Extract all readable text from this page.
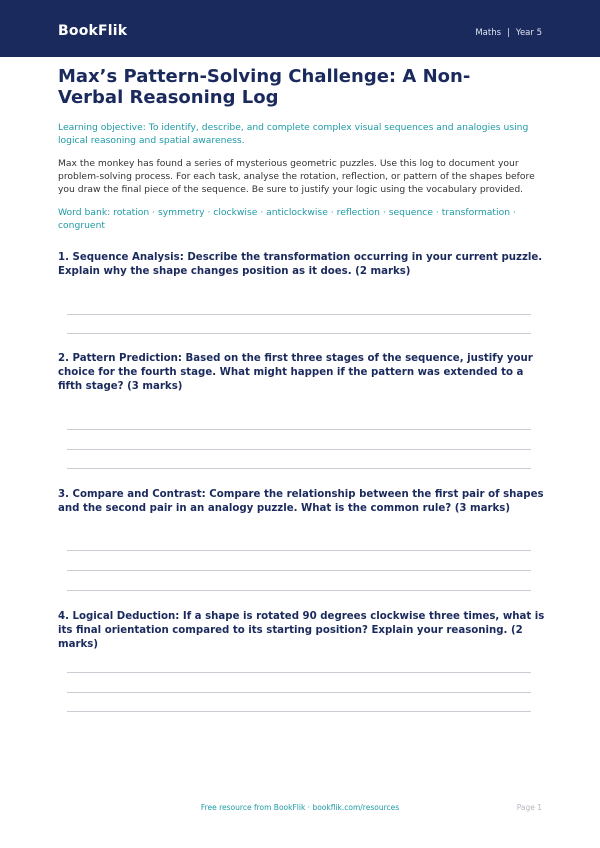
BookFlik	Maths | Year 5
Max’s Pattern-Solving Challenge: A Non-Verbal Reasoning Log

Learning objective: To identify, describe, and complete complex visual sequences and analogies using logical reasoning and spatial awareness.

Max the monkey has found a series of mysterious geometric puzzles. Use this log to document your problem-solving process. For each task, analyse the rotation, reflection, or pattern of the shapes before you draw the final piece of the sequence. Be sure to justify your logic using the vocabulary provided.

Word bank: rotation · symmetry · clockwise · anticlockwise · reflection · sequence · transformation · congruent

1. Sequence Analysis: Describe the transformation occurring in your current puzzle. Explain why the shape changes position as it does. (2 marks)

2. Pattern Prediction: Based on the first three stages of the sequence, justify your choice for the fourth stage. What might happen if the pattern was extended to a fifth stage? (3 marks)

3. Compare and Contrast: Compare the relationship between the first pair of shapes and the second pair in an analogy puzzle. What is the common rule? (3 marks)

4. Logical Deduction: If a shape is rotated 90 degrees clockwise three times, what is its final orientation compared to its starting position? Explain your reasoning. (2 marks)

Free resource from BookFlik · bookflik.com/resources	Page 1
